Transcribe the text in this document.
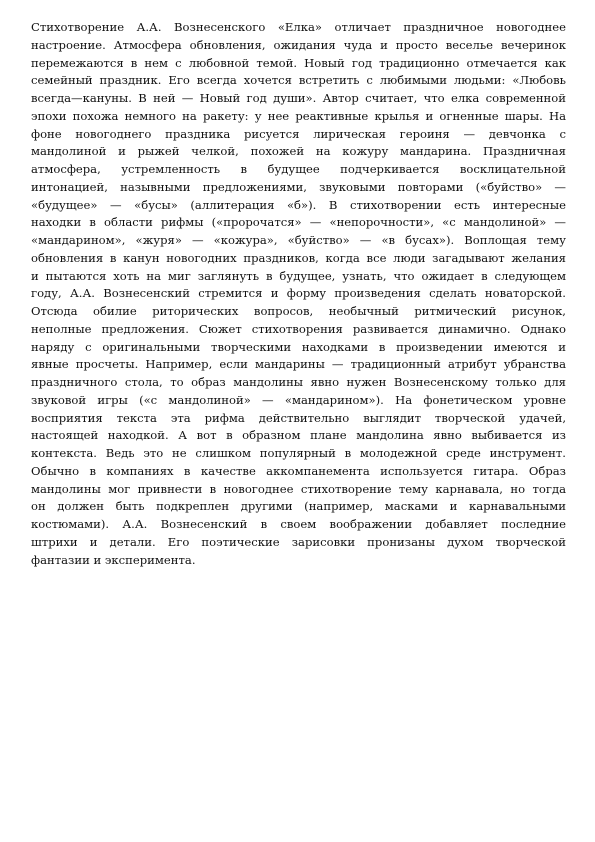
Стихотворение А.А. Вознесенского «Елка» отличает праздничное новогоднее
настроение. Атмосфера обновления, ожидания чуда и просто веселье вечеринок
перемежаются в нем с любовной темой. Новый год традиционно отмечается как
семейный праздник. Его всегда хочется встретить с любимыми людьми: «Любовь
всегда—кануны. В ней — Новый год души». Автор считает, что елка современной
эпохи похожа немного на ракету: у нее реактивные крылья и огненные шары. На
фоне новогоднего праздника рисуется лирическая героиня — девчонка с
мандолиной и рыжей челкой, похожей на кожуру мандарина. Праздничная
атмосфера, устремленность в будущее подчеркивается восклицательной
интонацией, назывными предложениями, звуковыми повторами («буйство» —
«будущее» — «бусы» (аллитерация «б»). В стихотворении есть интересные
находки в области рифмы («пророчатся» — «непорочности», «с мандолиной» —
«мандарином», «журя» — «кожура», «буйство» — «в бусах»). Воплощая тему
обновления в канун новогодних праздников, когда все люди загадывают желания
и пытаются хоть на миг заглянуть в будущее, узнать, что ожидает в следующем
году, А.А. Вознесенский стремится и форму произведения сделать новаторской.
Отсюда обилие риторических вопросов, необычный ритмический рисунок,
неполные предложения. Сюжет стихотворения развивается динамично. Однако
наряду с оригинальными творческими находками в произведении имеются и
явные просчеты. Например, если мандарины — традиционный атрибут убранства
праздничного стола, то образ мандолины явно нужен Вознесенскому только для
звуковой игры («с мандолиной» — «мандарином»). На фонетическом уровне
восприятия текста эта рифма действительно выглядит творческой удачей,
настоящей находкой. А вот в образном плане мандолина явно выбивается из
контекста. Ведь это не слишком популярный в молодежной среде инструмент.
Обычно в компаниях в качестве аккомпанемента используется гитара. Образ
мандолины мог привнести в новогоднее стихотворение тему карнавала, но тогда
он должен быть подкреплен другими (например, масками и карнавальными
костюмами). А.А. Вознесенский в своем воображении добавляет последние
штрихи и детали. Его поэтические зарисовки пронизаны духом творческой
фантазии и эксперимента.
